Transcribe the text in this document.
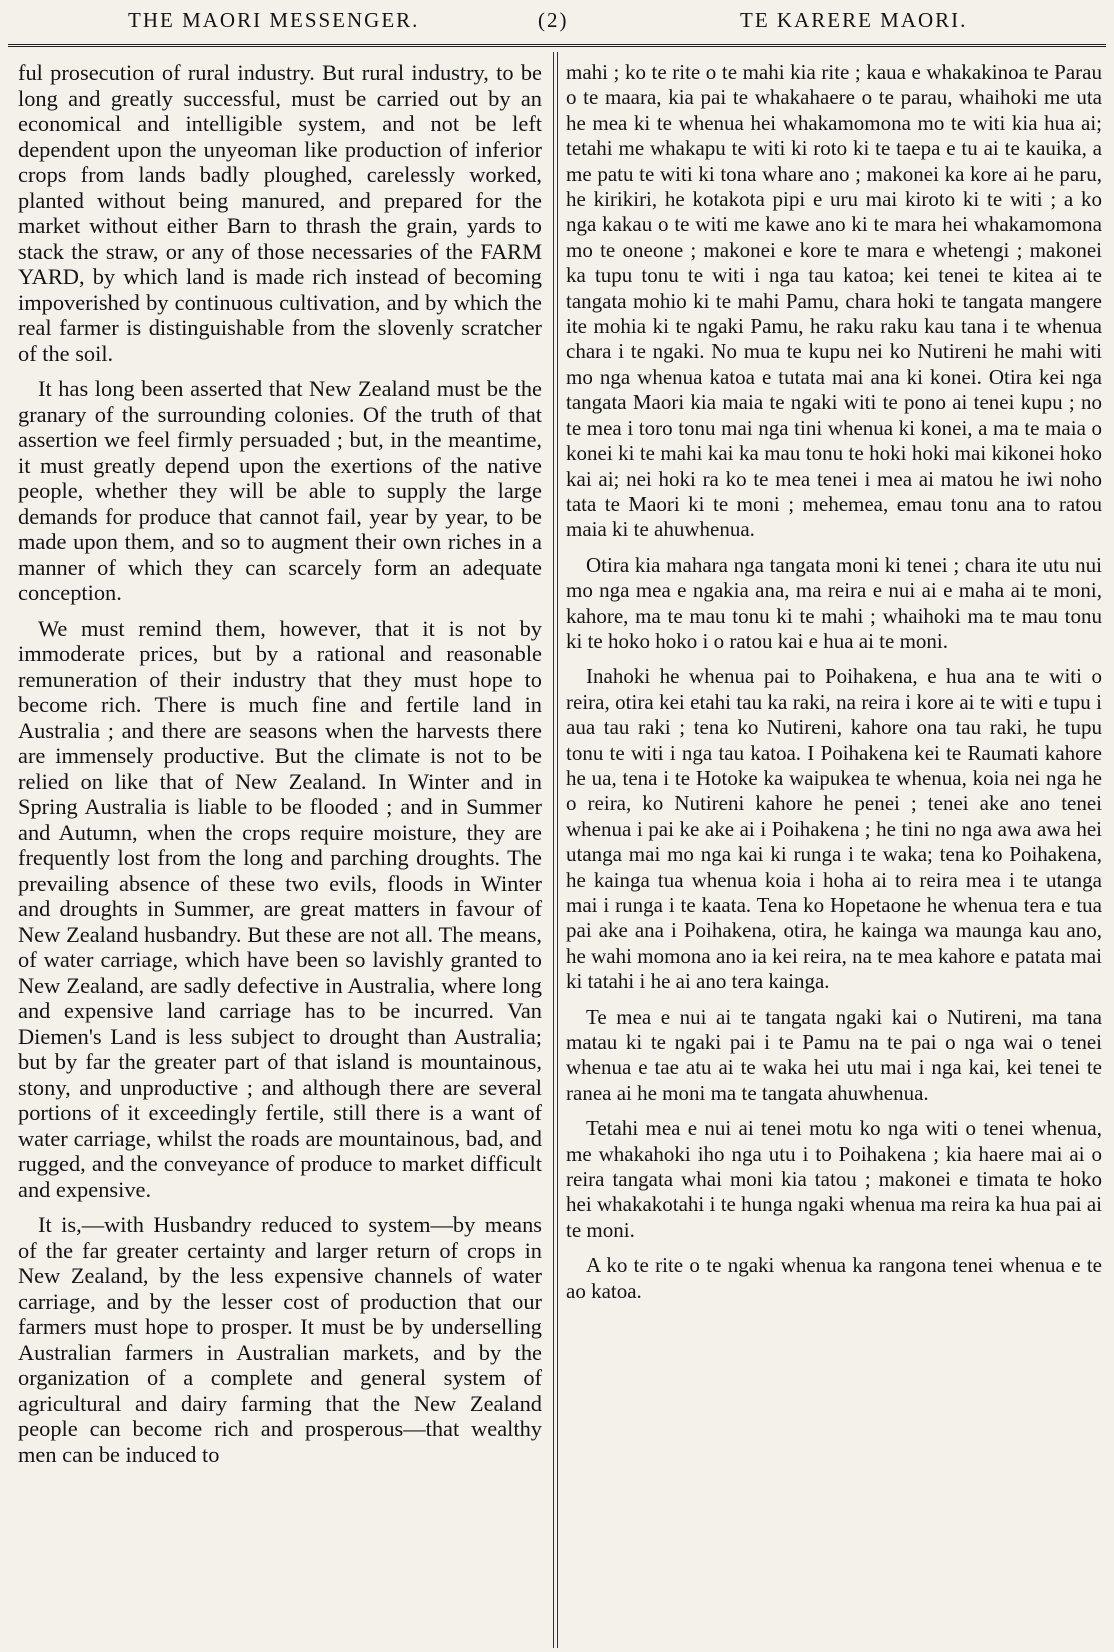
THE MAORI MESSENGER.	(2)	TE KARERE MAORI.

ful prosecution of rural industry. But rural industry, to be long and greatly successful, must be carried out by an economical and intelligible system, and not be left dependent upon the unyeoman like production of inferior crops from lands badly ploughed, carelessly worked, planted without being manured, and prepared for the market without either Barn to thrash the grain, yards to stack the straw, or any of those necessaries of the FARM YARD, by which land is made rich instead of becoming impoverished by continuous cultivation, and by which the real farmer is distinguishable from the slovenly scratcher of the soil.

It has long been asserted that New Zealand must be the granary of the surrounding colonies. Of the truth of that assertion we feel firmly persuaded ; but, in the meantime, it must greatly depend upon the exertions of the native people, whether they will be able to supply the large demands for produce that cannot fail, year by year, to be made upon them, and so to augment their own riches in a manner of which they can scarcely form an adequate conception.

We must remind them, however, that it is not by immoderate prices, but by a rational and reasonable remuneration of their industry that they must hope to become rich. There is much fine and fertile land in Australia ; and there are seasons when the harvests there are immensely productive. But the climate is not to be relied on like that of New Zealand. In Winter and in Spring Australia is liable to be flooded ; and in Summer and Autumn, when the crops require moisture, they are frequently lost from the long and parching droughts. The prevailing absence of these two evils, floods in Winter and droughts in Summer, are great matters in favour of New Zealand husbandry. But these are not all. The means, of water carriage, which have been so lavishly granted to New Zealand, are sadly defective in Australia, where long and expensive land carriage has to be incurred. Van Diemen's Land is less subject to drought than Australia; but by far the greater part of that island is mountainous, stony, and unproductive ; and although there are several portions of it exceedingly fertile, still there is a want of water carriage, whilst the roads are mountainous, bad, and rugged, and the conveyance of produce to market difficult and expensive.

It is,—with Husbandry reduced to system—by means of the far greater certainty and larger return of crops in New Zealand, by the less expensive channels of water carriage, and by the lesser cost of production that our farmers must hope to prosper. It must be by underselling Australian farmers in Australian markets, and by the organization of a complete and general system of agricultural and dairy farming that the New Zealand people can become rich and prosperous—that wealthy men can be induced to

mahi ; ko te rite o te mahi kia rite ; kaua e whakakinoa te Parau o te maara, kia pai te whakahaere o te parau, whaihoki me uta he mea ki te whenua hei whakamomona mo te witi kia hua ai; tetahi me whakapu te witi ki roto ki te taepa e tu ai te kauika, a me patu te witi ki tona whare ano ; makonei ka kore ai he paru, he kirikiri, he kotakota pipi e uru mai kiroto ki te witi ; a ko nga kakau o te witi me kawe ano ki te mara hei whakamomona mo te oneone ; makonei e kore te mara e whetengi ; makonei ka tupu tonu te witi i nga tau katoa; kei tenei te kitea ai te tangata mohio ki te mahi Pamu, chara hoki te tangata mangere ite mohia ki te ngaki Pamu, he raku raku kau tana i te whenua chara i te ngaki. No mua te kupu nei ko Nutireni he mahi witi mo nga whenua katoa e tutata mai ana ki konei. Otira kei nga tangata Maori kia maia te ngaki witi te pono ai tenei kupu ; no te mea i toro tonu mai nga tini whenua ki konei, a ma te maia o konei ki te mahi kai ka mau tonu te hoki hoki mai kikonei hoko kai ai; nei hoki ra ko te mea tenei i mea ai matou he iwi noho tata te Maori ki te moni ; mehemea, emau tonu ana to ratou maia ki te ahuwhenua.

Otira kia mahara nga tangata moni ki tenei ; chara ite utu nui mo nga mea e ngakia ana, ma reira e nui ai e maha ai te moni, kahore, ma te mau tonu ki te mahi ; whaihoki ma te mau tonu ki te hoko hoko i o ratou kai e hua ai te moni.

Inahoki he whenua pai to Poihakena, e hua ana te witi o reira, otira kei etahi tau ka raki, na reira i kore ai te witi e tupu i aua tau raki ; tena ko Nutireni, kahore ona tau raki, he tupu tonu te witi i nga tau katoa. I Poihakena kei te Raumati kahore he ua, tena i te Hotoke ka waipukea te whenua, koia nei nga he o reira, ko Nutireni kahore he penei ; tenei ake ano tenei whenua i pai ke ake ai i Poihakena ; he tini no nga awa awa hei utanga mai mo nga kai ki runga i te waka; tena ko Poihakena, he kainga tua whenua koia i hoha ai to reira mea i te utanga mai i runga i te kaata. Tena ko Hopetaone he whenua tera e tua pai ake ana i Poihakena, otira, he kainga wa maunga kau ano, he wahi momona ano ia kei reira, na te mea kahore e patata mai ki tatahi i he ai ano tera kainga.

Te mea e nui ai te tangata ngaki kai o Nutireni, ma tana matau ki te ngaki pai i te Pamu na te pai o nga wai o tenei whenua e tae atu ai te waka hei utu mai i nga kai, kei tenei te ranea ai he moni ma te tangata ahuwhenua.

Tetahi mea e nui ai tenei motu ko nga witi o tenei whenua, me whakahoki iho nga utu i to Poihakena ; kia haere mai ai o reira tangata whai moni kia tatou ; makonei e timata te hoko hei whakakotahi i te hunga ngaki whenua ma reira ka hua pai ai te moni.

A ko te rite o te ngaki whenua ka rangona tenei whenua e te ao katoa.
